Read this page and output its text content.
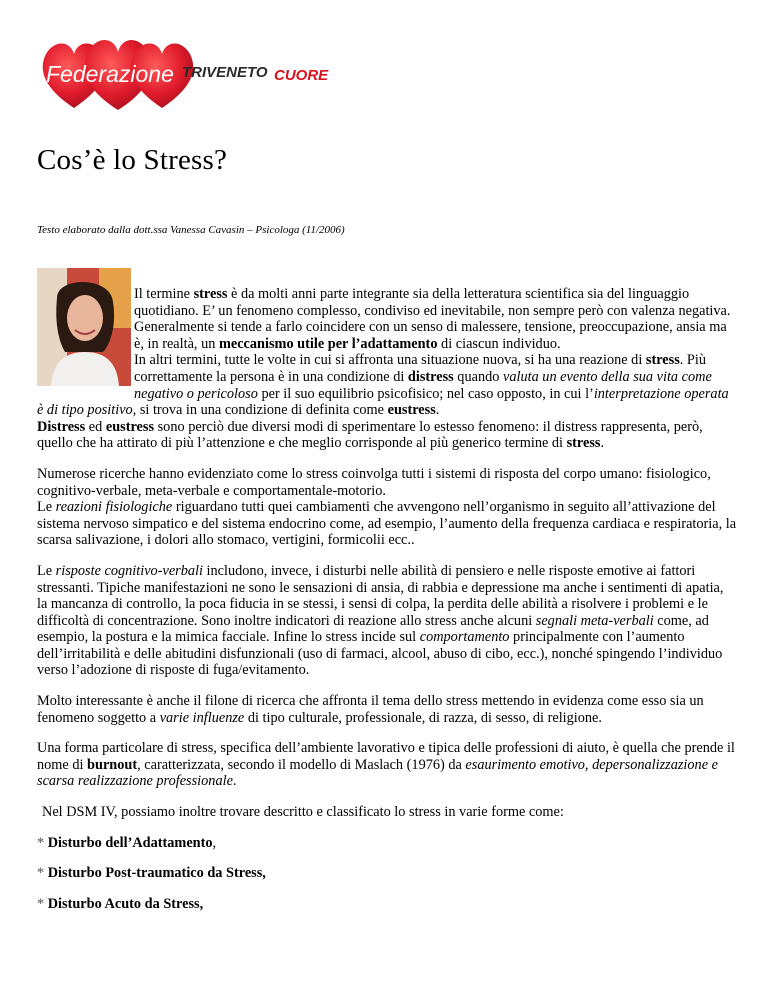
Federazione TRIVENETO CUORE
Cos’è lo Stress?
Testo elaborato dalla dott.ssa Vanessa Cavasin – Psicologa (11/2006)

Il termine stress è da molti anni parte integrante sia della letteratura scientifica sia del linguaggio quotidiano. E’ un fenomeno complesso, condiviso ed inevitabile, non sempre però con valenza negativa. Generalmente si tende a farlo coincidere con un senso di malessere, tensione, preoccupazione, ansia ma è, in realtà, un meccanismo utile per l’adattamento di ciascun individuo.

In altri termini, tutte le volte in cui si affronta una situazione nuova, si ha una reazione di stress. Più correttamente la persona è in una condizione di distress quando valuta un evento della sua vita come negativo o pericoloso per il suo equilibrio psicofisico; nel caso opposto, in cui l’interpretazione operata è di tipo positivo, si trova in una condizione di definita come eustress.

Distress ed eustress sono perciò due diversi modi di sperimentare lo estesso fenomeno: il distress rappresenta, però, quello che ha attirato di più l’attenzione e che meglio corrisponde al più generico termine di stress.

Numerose ricerche hanno evidenziato come lo stress coinvolga tutti i sistemi di risposta del corpo umano: fisiologico, cognitivo-verbale, meta-verbale e comportamentale-motorio.

Le reazioni fisiologiche riguardano tutti quei cambiamenti che avvengono nell’organismo in seguito all’attivazione del sistema nervoso simpatico e del sistema endocrino come, ad esempio, l’aumento della frequenza cardiaca e respiratoria, la scarsa salivazione, i dolori allo stomaco, vertigini, formicolii ecc..

Le risposte cognitivo-verbali includono, invece, i disturbi nelle abilità di pensiero e nelle risposte emotive ai fattori stressanti. Tipiche manifestazioni ne sono le sensazioni di ansia, di rabbia e depressione ma anche i sentimenti di apatia, la mancanza di controllo, la poca fiducia in se stessi, i sensi di colpa, la perdita delle abilità a risolvere i problemi e le difficoltà di concentrazione. Sono inoltre indicatori di reazione allo stress anche alcuni segnali meta-verbali come, ad esempio, la postura e la mimica facciale. Infine lo stress incide sul comportamento principalmente con l’aumento dell’irritabilità e delle abitudini disfunzionali (uso di farmaci, alcool, abuso di cibo, ecc.), nonché spingendo l’individuo verso l’adozione di risposte di fuga/evitamento.

Molto interessante è anche il filone di ricerca che affronta il tema dello stress mettendo in evidenza come esso sia un fenomeno soggetto a varie influenze di tipo culturale, professionale, di razza, di sesso, di religione.

Una forma particolare di stress, specifica dell’ambiente lavorativo e tipica delle professioni di aiuto, è quella che prende il nome di burnout, caratterizzata, secondo il modello di Maslach (1976) da esaurimento emotivo, depersonalizzazione e scarsa realizzazione professionale.

Nel DSM IV, possiamo inoltre trovare descritto e classificato lo stress in varie forme come:

* Disturbo dell’Adattamento,
* Disturbo Post-traumatico da Stress,
* Disturbo Acuto da Stress,
